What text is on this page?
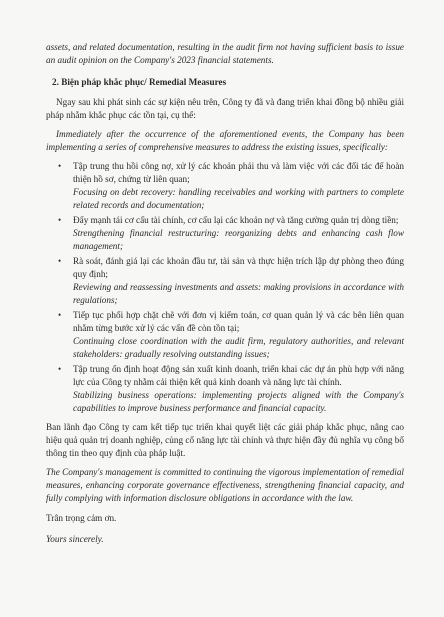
assets, and related documentation, resulting in the audit firm not having sufficient basis to issue an audit opinion on the Company's 2023 financial statements.

2. Biện pháp khắc phục/ Remedial Measures

Ngay sau khi phát sinh các sự kiện nêu trên, Công ty đã và đang triển khai đồng bộ nhiều giải pháp nhằm khắc phục các tồn tại, cụ thể:

Immediately after the occurrence of the aforementioned events, the Company has been implementing a series of comprehensive measures to address the existing issues, specifically:

• Tập trung thu hồi công nợ, xử lý các khoản phải thu và làm việc với các đối tác để hoàn thiện hồ sơ, chứng từ liên quan;

Focusing on debt recovery: handling receivables and working with partners to complete related records and documentation;

• Đẩy mạnh tái cơ cấu tài chính, cơ cấu lại các khoản nợ và tăng cường quản trị dòng tiền;

Strengthening financial restructuring: reorganizing debts and enhancing cash flow management;

• Rà soát, đánh giá lại các khoản đầu tư, tài sản và thực hiện trích lập dự phòng theo đúng quy định;

Reviewing and reassessing investments and assets: making provisions in accordance with regulations;

• Tiếp tục phối hợp chặt chẽ với đơn vị kiểm toán, cơ quan quản lý và các bên liên quan nhằm từng bước xử lý các vấn đề còn tồn tại;

Continuing close coordination with the audit firm, regulatory authorities, and relevant stakeholders: gradually resolving outstanding issues;

• Tập trung ổn định hoạt động sản xuất kinh doanh, triển khai các dự án phù hợp với năng lực của Công ty nhằm cải thiện kết quả kinh doanh và năng lực tài chính.

Stabilizing business operations: implementing projects aligned with the Company's capabilities to improve business performance and financial capacity.

Ban lãnh đạo Công ty cam kết tiếp tục triển khai quyết liệt các giải pháp khắc phục, nâng cao hiệu quả quản trị doanh nghiệp, củng cố năng lực tài chính và thực hiện đầy đủ nghĩa vụ công bố thông tin theo quy định của pháp luật.

The Company's management is committed to continuing the vigorous implementation of remedial measures, enhancing corporate governance effectiveness, strengthening financial capacity, and fully complying with information disclosure obligations in accordance with the law.

Trân trọng cảm ơn.

Yours sincerely.
